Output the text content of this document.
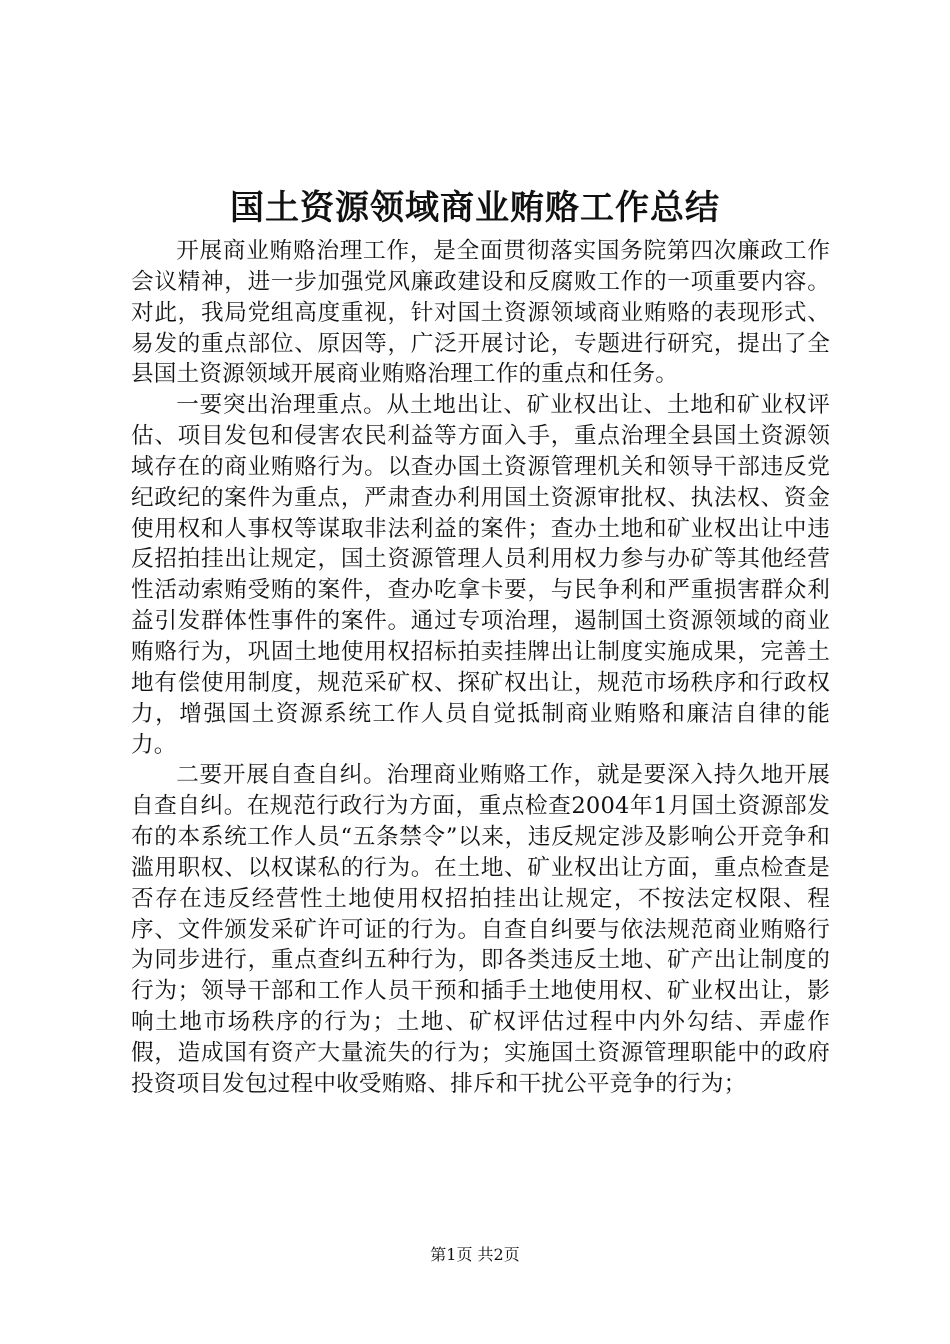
国土资源领域商业贿赂工作总结

开展商业贿赂治理工作，是全面贯彻落实国务院第四次廉政工作会议精神，进一步加强党风廉政建设和反腐败工作的一项重要内容。对此，我局党组高度重视，针对国土资源领域商业贿赂的表现形式、易发的重点部位、原因等，广泛开展讨论，专题进行研究，提出了全县国土资源领域开展商业贿赂治理工作的重点和任务。

一要突出治理重点。从土地出让、矿业权出让、土地和矿业权评估、项目发包和侵害农民利益等方面入手，重点治理全县国土资源领域存在的商业贿赂行为。以查办国土资源管理机关和领导干部违反党纪政纪的案件为重点，严肃查办利用国土资源审批权、执法权、资金使用权和人事权等谋取非法利益的案件；查办土地和矿业权出让中违反招拍挂出让规定，国土资源管理人员利用权力参与办矿等其他经营性活动索贿受贿的案件，查办吃拿卡要，与民争利和严重损害群众利益引发群体性事件的案件。通过专项治理，遏制国土资源领域的商业贿赂行为，巩固土地使用权招标拍卖挂牌出让制度实施成果，完善土地有偿使用制度，规范采矿权、探矿权出让，规范市场秩序和行政权力，增强国土资源系统工作人员自觉抵制商业贿赂和廉洁自律的能力。

二要开展自查自纠。治理商业贿赂工作，就是要深入持久地开展自查自纠。在规范行政行为方面，重点检查2004年1月国土资源部发布的本系统工作人员“五条禁令”以来，违反规定涉及影响公开竞争和滥用职权、以权谋私的行为。在土地、矿业权出让方面，重点检查是否存在违反经营性土地使用权招拍挂出让规定，不按法定权限、程序、文件颁发采矿许可证的行为。自查自纠要与依法规范商业贿赂行为同步进行，重点查纠五种行为，即各类违反土地、矿产出让制度的行为；领导干部和工作人员干预和插手土地使用权、矿业权出让，影响土地市场秩序的行为；土地、矿权评估过程中内外勾结、弄虚作假，造成国有资产大量流失的行为；实施国土资源管理职能中的政府投资项目发包过程中收受贿赂、排斥和干扰公平竞争的行为；

第1页 共2页
